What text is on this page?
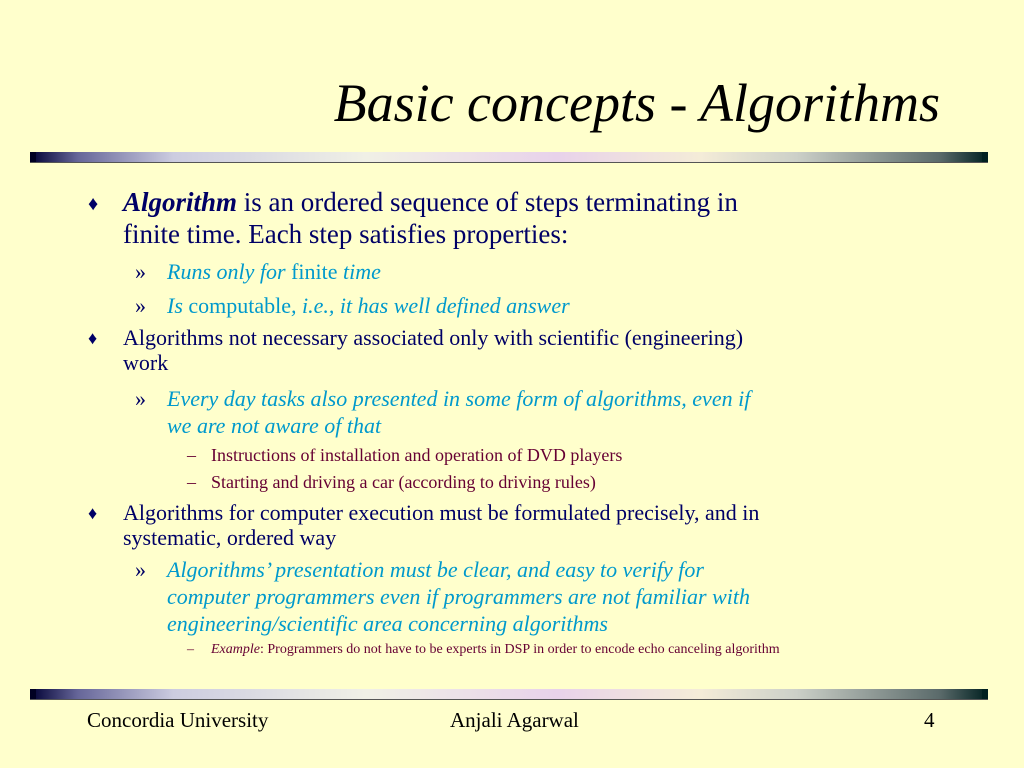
Basic concepts - Algorithms
♦ Algorithm is an ordered sequence of steps terminating in
finite time. Each step satisfies properties:
» Runs only for finite time
» Is computable, i.e., it has well defined answer
♦ Algorithms not necessary associated only with scientific (engineering)
work
» Every day tasks also presented in some form of algorithms, even if
we are not aware of that
– Instructions of installation and operation of DVD players
– Starting and driving a car (according to driving rules)
♦ Algorithms for computer execution must be formulated precisely, and in
systematic, ordered way
» Algorithms’ presentation must be clear, and easy to verify for
computer programmers even if programmers are not familiar with
engineering/scientific area concerning algorithms
– Example: Programmers do not have to be experts in DSP in order to encode echo canceling algorithm

Concordia University	Anjali Agarwal	4
